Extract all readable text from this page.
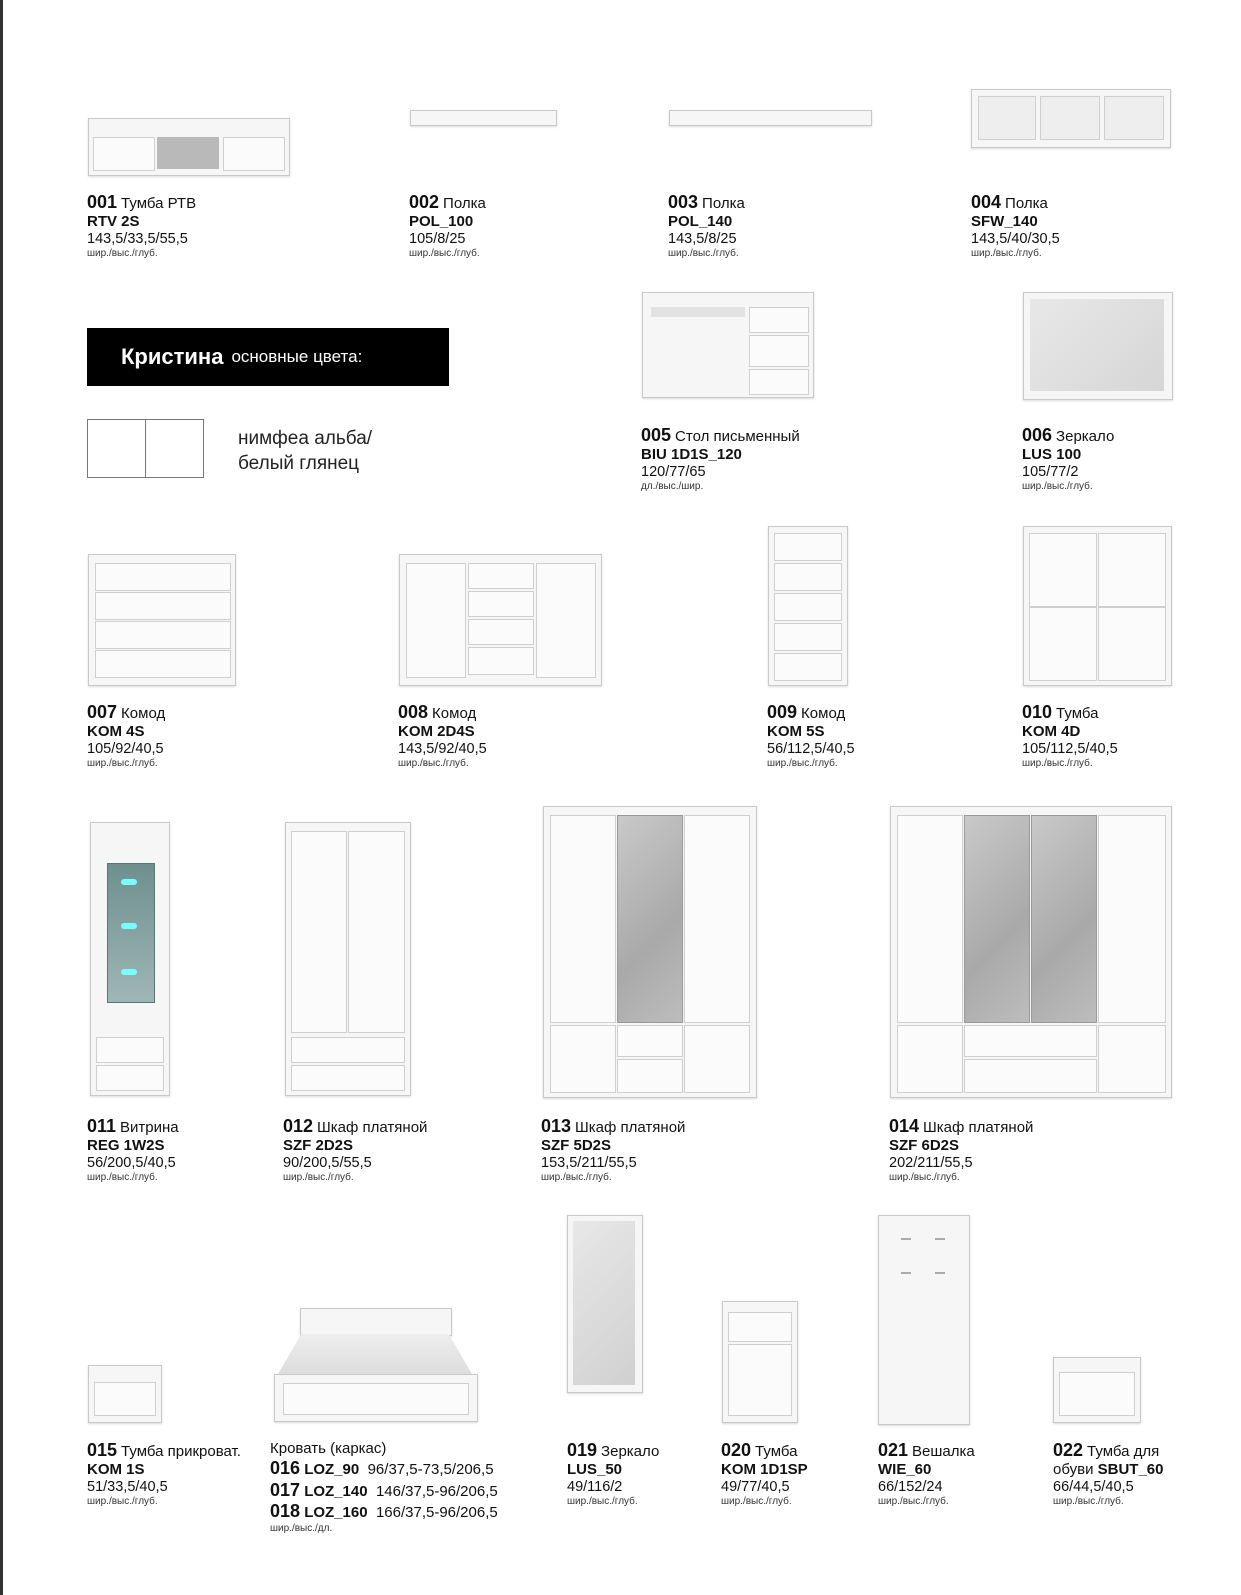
Кристина основные цвета:
нимфеа альба/
белый глянец
001 Тумба РТВ
RTV 2S
143,5/33,5/55,5
шир./выс./глуб.
002 Полка
POL_100
105/8/25
шир./выс./глуб.
003 Полка
POL_140
143,5/8/25
шир./выс./глуб.
004 Полка
SFW_140
143,5/40/30,5
шир./выс./глуб.
005 Стол письменный
BIU 1D1S_120
120/77/65
дл./выс./шир.
006 Зеркало
LUS 100
105/77/2
шир./выс./глуб.
007 Комод
KOM 4S
105/92/40,5
шир./выс./глуб.
008 Комод
KOM 2D4S
143,5/92/40,5
шир./выс./глуб.
009 Комод
KOM 5S
56/112,5/40,5
шир./выс./глуб.
010 Тумба
KOM 4D
105/112,5/40,5
шир./выс./глуб.
011 Витрина
REG 1W2S
56/200,5/40,5
шир./выс./глуб.
012 Шкаф платяной
SZF 2D2S
90/200,5/55,5
шир./выс./глуб.
013 Шкаф платяной
SZF 5D2S
153,5/211/55,5
шир./выс./глуб.
014 Шкаф платяной
SZF 6D2S
202/211/55,5
шир./выс./глуб.
015 Тумба прикроват.
KOM 1S
51/33,5/40,5
шир./выс./глуб.
Кровать (каркас)
016 LOZ_90 96/37,5-73,5/206,5
017 LOZ_140 146/37,5-96/206,5
018 LOZ_160 166/37,5-96/206,5
шир./выс./дл.
019 Зеркало
LUS_50
49/116/2
шир./выс./глуб.
020 Тумба
KOM 1D1SP
49/77/40,5
шир./выс./глуб.
021 Вешалка
WIE_60
66/152/24
шир./выс./глуб.
022 Тумба для
обуви SBUT_60
66/44,5/40,5
шир./выс./глуб.
